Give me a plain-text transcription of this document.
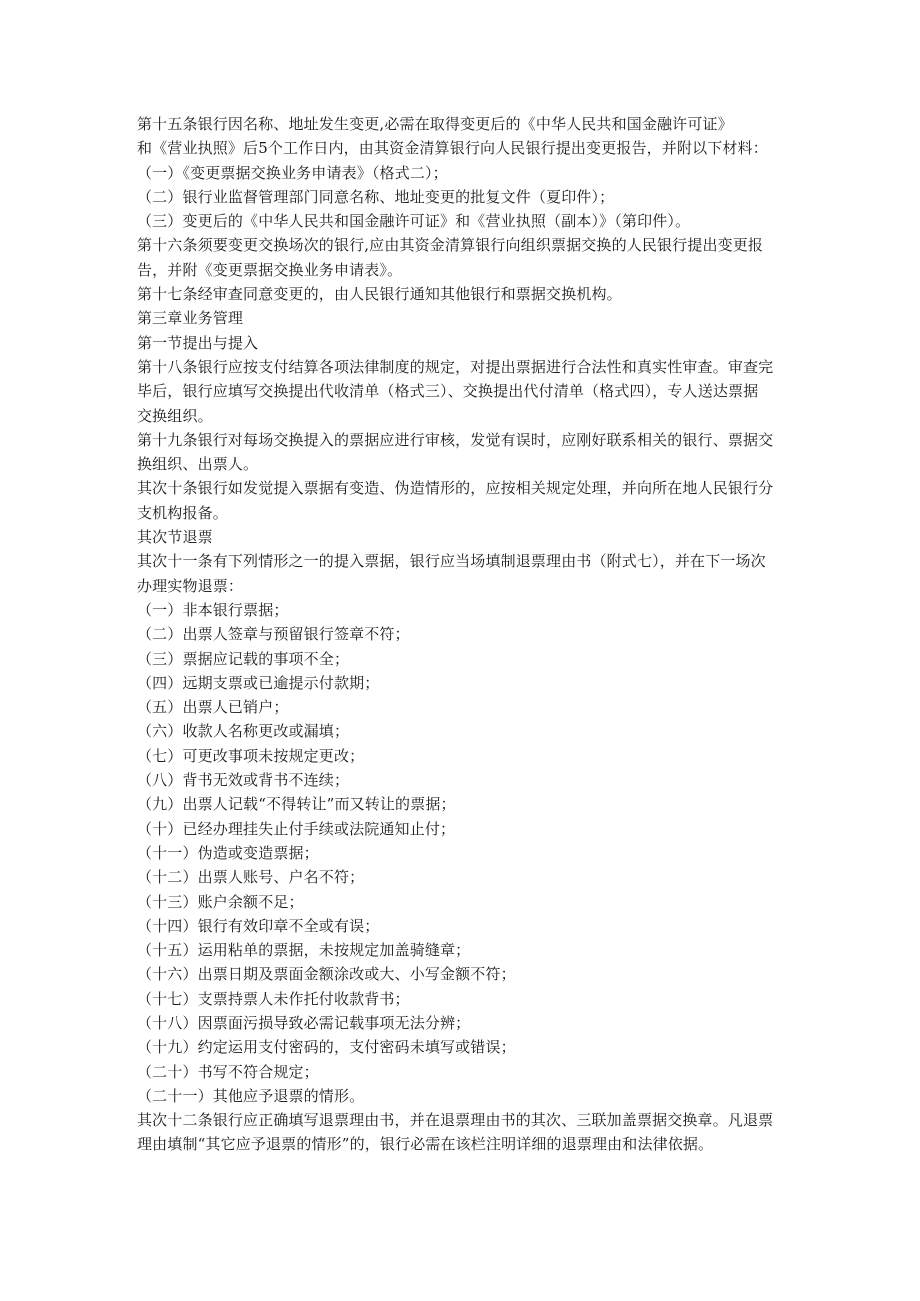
第十五条银行因名称、地址发生变更,必需在取得变更后的《中华人民共和国金融许可证》
和《营业执照》后5个工作日内，由其资金清算银行向人民银行提出变更报告，并附以下材料：
（一）《变更票据交换业务申请表》（格式二）；
（二）银行业监督管理部门同意名称、地址变更的批复文件（夏印件）；
（三）变更后的《中华人民共和国金融许可证》和《营业执照（副本）》（第印件）。
第十六条须要变更交换场次的银行,应由其资金清算银行向组织票据交换的人民银行提出变更报
告，并附《变更票据交换业务申请表》。
第十七条经审查同意变更的，由人民银行通知其他银行和票据交换机构。
第三章业务管理
第一节提出与提入
第十八条银行应按支付结算各项法律制度的规定，对提出票据进行合法性和真实性审查。审查完
毕后，银行应填写交换提出代收清单（格式三）、交换提出代付清单（格式四），专人送达票据
交换组织。
第十九条银行对每场交换提入的票据应进行审核，发觉有误时，应刚好联系相关的银行、票据交
换组织、出票人。
其次十条银行如发觉提入票据有变造、伪造情形的，应按相关规定处理，并向所在地人民银行分
支机构报备。
其次节退票
其次十一条有下列情形之一的提入票据，银行应当场填制退票理由书（附式七），并在下一场次
办理实物退票：
（一）非本银行票据；
（二）出票人签章与预留银行签章不符；
（三）票据应记载的事项不全；
（四）远期支票或已逾提示付款期；
（五）出票人已销户；
（六）收款人名称更改或漏填；
（七）可更改事项未按规定更改；
（八）背书无效或背书不连续；
（九）出票人记载“不得转让”而又转让的票据；
（十）已经办理挂失止付手续或法院通知止付；
（十一）伪造或变造票据；
（十二）出票人账号、户名不符；
（十三）账户余额不足；
（十四）银行有效印章不全或有误；
（十五）运用粘单的票据，未按规定加盖骑缝章；
（十六）出票日期及票面金额涂改或大、小写金额不符；
（十七）支票持票人未作托付收款背书；
（十八）因票面污损导致必需记载事项无法分辨；
（十九）约定运用支付密码的，支付密码未填写或错误；
（二十）书写不符合规定；
（二十一）其他应予退票的情形。
其次十二条银行应正确填写退票理由书，并在退票理由书的其次、三联加盖票据交换章。凡退票
理由填制“其它应予退票的情形”的，银行必需在该栏注明详细的退票理由和法律依据。
